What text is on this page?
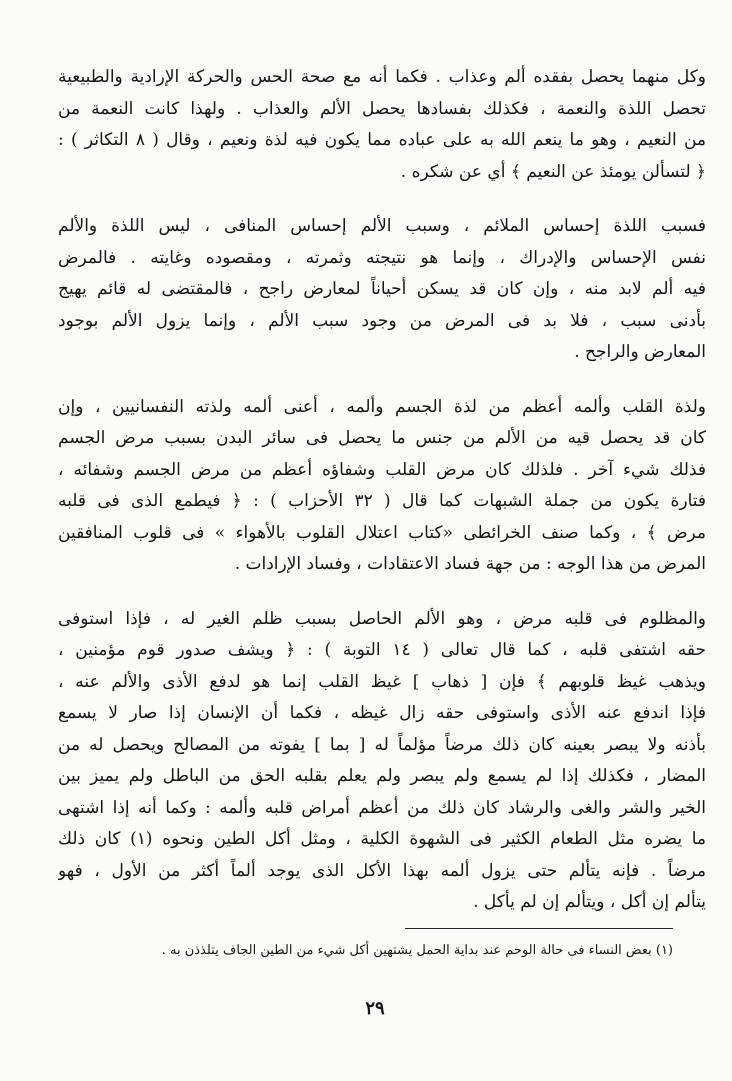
وكل منهما يحصل بفقده ألم وعذاب . فكما أنه مع صحة الحس والحركة الإرادية والطبيعية
تحصل اللذة والنعمة ، فكذلك بفسادها يحصل الألم والعذاب . ولهذا كانت النعمة من
من النعيم ، وهو ما ينعم الله به على عباده مما يكون فيه لذة ونعيم ، وقال ( ٨ التكاثر ) :
﴿ لتسألن يومئذ عن النعيم ﴾ أي عن شكره .
فسبب اللذة إحساس الملائم ، وسبب الألم إحساس المنافى ، ليس اللذة والألم
نفس الإحساس والإدراك ، وإنما هو نتيجته وثمرته ، ومقصوده وغايته . فالمرض
فيه ألم لابد منه ، وإن كان قد يسكن أحياناً لمعارض راجح ، فالمقتضى له قائم يهيج
بأدنى سبب ، فلا بد فى المرض من وجود سبب الألم ، وإنما يزول الألم بوجود
المعارض والراجح .
ولذة القلب وألمه أعظم من لذة الجسم وألمه ، أعنى ألمه ولذته النفسانيين ، وإن
كان قد يحصل قيه من الألم من جنس ما يحصل فى سائر البدن بسبب مرض الجسم
فذلك شيء آخر . فلذلك كان مرض القلب وشفاؤه أعظم من مرض الجسم وشفائه ،
فتارة يكون من جملة الشبهات كما قال ( ٣٢ الأحزاب ) : ﴿ فيطمع الذى فى قلبه
مرض ﴾ ، وكما صنف الخرائطى «كتاب اعتلال القلوب بالأهواء » فى قلوب المنافقين
المرض من هذا الوجه : من جهة فساد الاعتقادات ، وفساد الإرادات .
والمظلوم فى قلبه مرض ، وهو الألم الحاصل بسبب ظلم الغير له ، فإذا استوفى
حقه اشتفى قلبه ، كما قال تعالى ( ١٤ التوبة ) : ﴿ ويشف صدور قوم مؤمنين ،
ويذهب غيظ قلوبهم ﴾ فإن [ ذهاب ] غيظ القلب إنما هو لدفع الأذى والألم عنه ،
فإذا اندفع عنه الأذى واستوفى حقه زال غيظه ، فكما أن الإنسان إذا صار لا يسمع
بأذنه ولا يبصر بعينه كان ذلك مرضاً مؤلماً له [ بما ] يفوته من المصالح ويحصل له من
المضار ، فكذلك إذا لم يسمع ولم يبصر ولم يعلم بقلبه الحق من الباطل ولم يميز بين
الخير والشر والغى والرشاد كان ذلك من أعظم أمراض قلبه وألمه : وكما أنه إذا اشتهى
ما يضره مثل الطعام الكثير فى الشهوة الكلية ، ومثل أكل الطين ونحوه (١) كان ذلك
مرضاً . فإنه يتألم حتى يزول ألمه بهذا الأكل الذى يوجد ألماً أكثر من الأول ، فهو
يتألم إن أكل ، ويتألم إن لم يأكل .
(١) بعض النساء فى حالة الوحم عند بداية الحمل يشتهين أكل شيء من الطين الجاف يتلذذن به .
٢٩
